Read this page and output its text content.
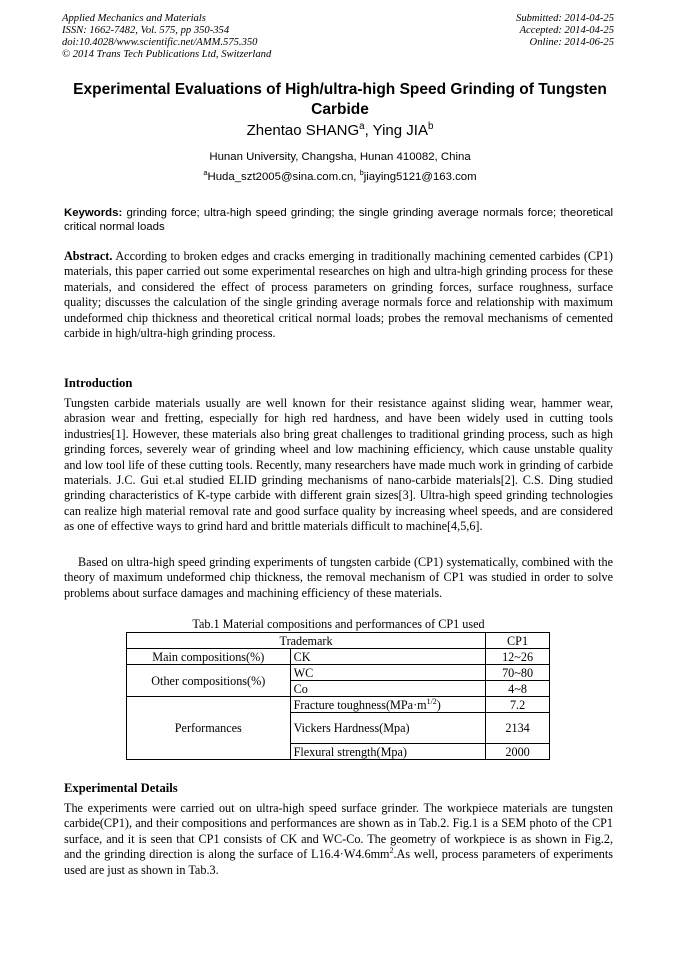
Applied Mechanics and Materials
ISSN: 1662-7482, Vol. 575, pp 350-354
doi:10.4028/www.scientific.net/AMM.575.350
© 2014 Trans Tech Publications Ltd, Switzerland
Submitted: 2014-04-25
Accepted: 2014-04-25
Online: 2014-06-25
Experimental Evaluations of High/ultra-high Speed Grinding of Tungsten Carbide
Zhentao SHANG$^a$, Ying JIA$^b$
Hunan University, Changsha, Hunan 410082, China
$^a$Huda_szt2005@sina.com.cn, $^b$jiaying5121@163.com
Keywords: grinding force; ultra-high speed grinding; the single grinding average normals force; theoretical critical normal loads
Abstract. According to broken edges and cracks emerging in traditionally machining cemented carbides (CP1) materials, this paper carried out some experimental researches on high and ultra-high grinding process for these materials, and considered the effect of process parameters on grinding forces, surface roughness, surface quality; discusses the calculation of the single grinding average normals force and relationship with maximum undeformed chip thickness and theoretical critical normal loads; probes the removal mechanisms of cemented carbide in high/ultra-high grinding process.
Introduction
Tungsten carbide materials usually are well known for their resistance against sliding wear, hammer wear, abrasion wear and fretting, especially for high red hardness, and have been widely used in cutting tools industries[1]. However, these materials also bring great challenges to traditional grinding process, such as high grinding forces, severely wear of grinding wheel and low machining efficiency, which cause unstable quality and low tool life of these cutting tools. Recently, many researchers have made much work in grinding of carbide materials. J.C. Gui et.al studied ELID grinding mechanisms of nano-carbide materials[2]. C.S. Ding studied grinding characteristics of K-type carbide with different grain sizes[3]. Ultra-high speed grinding technologies can realize high material removal rate and good surface quality by increasing wheel speeds, and are considered as one of effective ways to grind hard and brittle materials difficult to machine[4,5,6].
Based on ultra-high speed grinding experiments of tungsten carbide (CP1) systematically, combined with the theory of maximum undeformed chip thickness, the removal mechanism of CP1 was studied in order to solve problems about surface damages and machining efficiency of these materials.
Tab.1 Material compositions and performances of CP1 used
Trademark		CP1
Main compositions(%)	CK	12~26
Other compositions(%)	WC	70~80
	Co	4~8
Performances	Fracture $toughness(MPa\cdot m^{1/2})$	7.2
	Vickers Hardness(Mpa)	2134
	Flexural strength(Mpa)	2000
Experimental Details
The experiments were carried out on ultra-high speed surface grinder. The workpiece materials are tungsten carbide(CP1), and their compositions and performances are shown as in Tab.2. Fig.1 is a SEM photo of the CP1 surface, and it is seen that CP1 consists of CK and WC-Co. The geometry of workpiece is as shown in Fig.2, and the grinding direction is along the surface of $L16.4\cdot W4.6mm^2.As$ well, process parameters of experiments used are just as shown in Tab.3.
